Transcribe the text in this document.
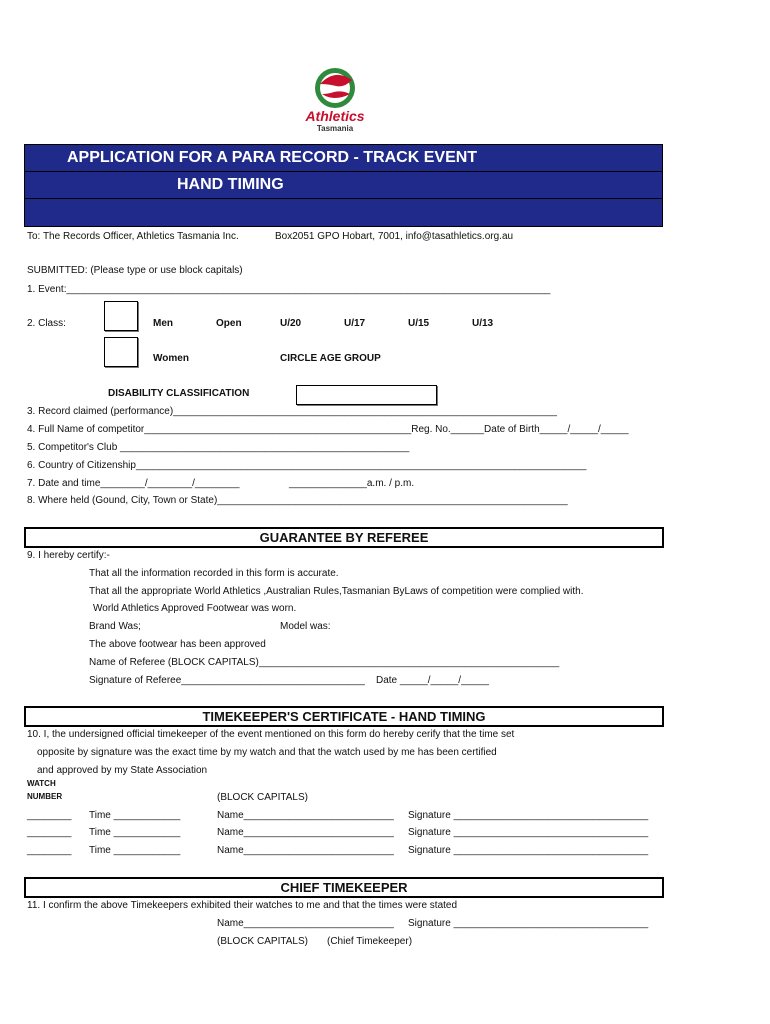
Athletics
Tasmania
APPLICATION FOR A PARA RECORD - TRACK EVENT
HAND TIMING
To: The Records Officer, Athletics Tasmania Inc.	Box2051 GPO Hobart, 7001, info@tasathletics.org.au
SUBMITTED: (Please type or use block capitals)
1. Event:_______________________________________________________________________________________
2. Class:	Men	Open	U/20	U/17	U/15	U/13
Women	CIRCLE AGE GROUP
DISABILITY CLASSIFICATION
3. Record claimed (performance)_____________________________________________________________________
4. Full Name of competitor________________________________________________Reg. No.______Date of Birth_____/_____/_____
5. Competitor's Club ____________________________________________________
6. Country of Citizenship_________________________________________________________________________________
7. Date and time________/________/________	______________a.m. / p.m.
8. Where held (Gound, City, Town or State)_______________________________________________________________
GUARANTEE BY REFEREE
9. I hereby certify:-
That all the information recorded in this form is accurate.
That all the appropriate World Athletics ,Australian Rules,Tasmanian ByLaws of competition were complied with.
World Athletics Approved Footwear was worn.
Brand Was;	Model was:
The above footwear has been approved
Name of Referee (BLOCK CAPITALS)______________________________________________________
Signature of Referee_________________________________ Date _____/_____/_____
TIMEKEEPER'S CERTIFICATE - HAND TIMING
10. I, the undersigned official timekeeper of the event mentioned on this form do hereby cerify that the time set
opposite by signature was the exact time by my watch and that the watch used by me has been certified
and approved by my State Association
WATCH
NUMBER	(BLOCK CAPITALS)
________ Time ____________	Name___________________________ Signature ___________________________________
________ Time ____________	Name___________________________ Signature ___________________________________
________ Time ____________	Name___________________________ Signature ___________________________________
CHIEF TIMEKEEPER
11. I confirm the above Timekeepers exhibited their watches to me and that the times were stated
Name___________________________ Signature ___________________________________
(BLOCK CAPITALS) (Chief Timekeeper)
